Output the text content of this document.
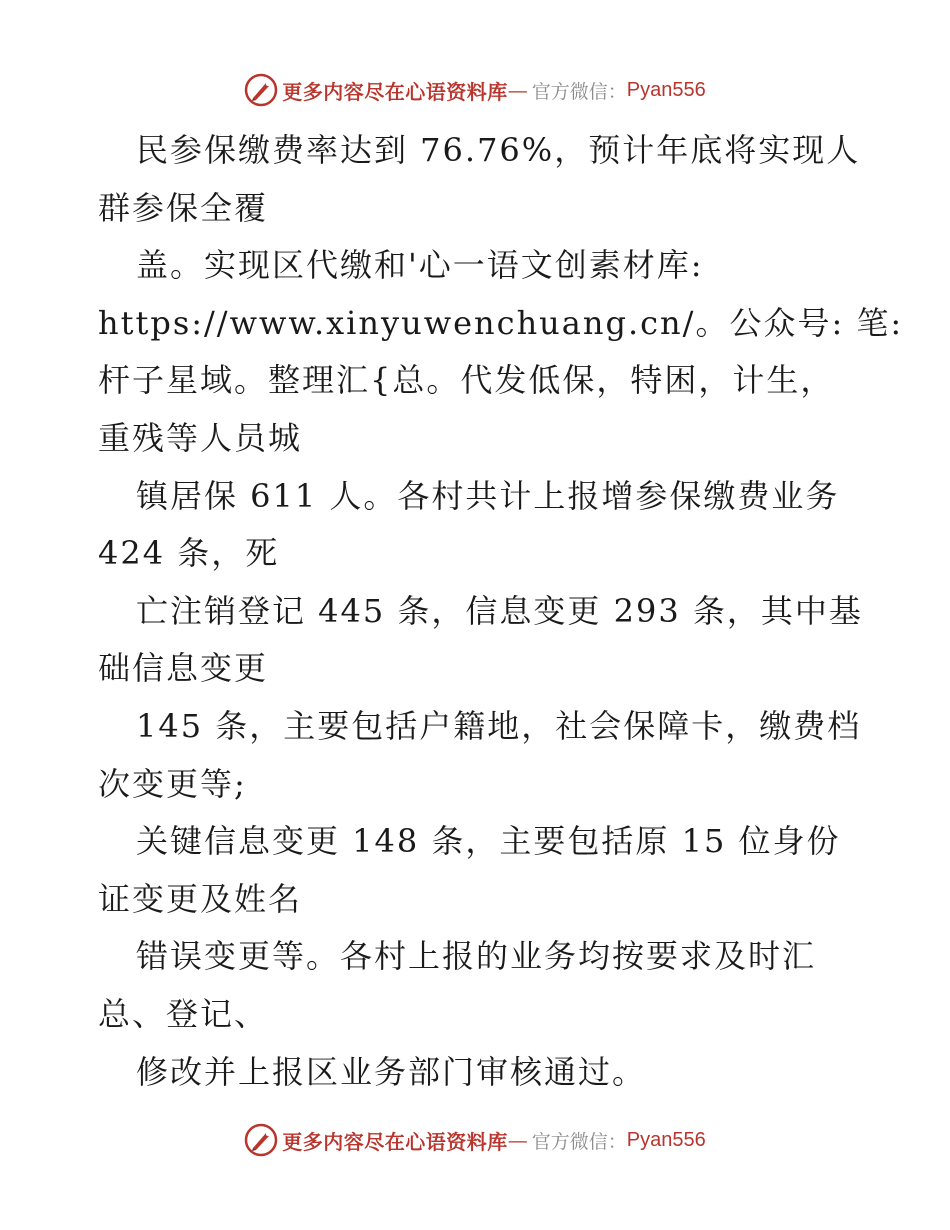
更多内容尽在心语资料库 — 官方微信： Pyan556
民参保缴费率达到 76.76%，预计年底将实现人
群参保全覆
盖。实现区代缴和'心一语文创素材库:
https://www.xinyuwenchuang.cn/。公众号: 笔:
杆子星域。整理汇{总。代发低保，特困，计生，
重残等人员城
镇居保 611 人。各村共计上报增参保缴费业务
424 条，死
亡注销登记 445 条，信息变更 293 条，其中基
础信息变更
145 条，主要包括户籍地，社会保障卡，缴费档
次变更等;
关键信息变更 148 条，主要包括原 15 位身份
证变更及姓名
错误变更等。各村上报的业务均按要求及时汇
总、登记、
修改并上报区业务部门审核通过。
更多内容尽在心语资料库 — 官方微信： Pyan556
